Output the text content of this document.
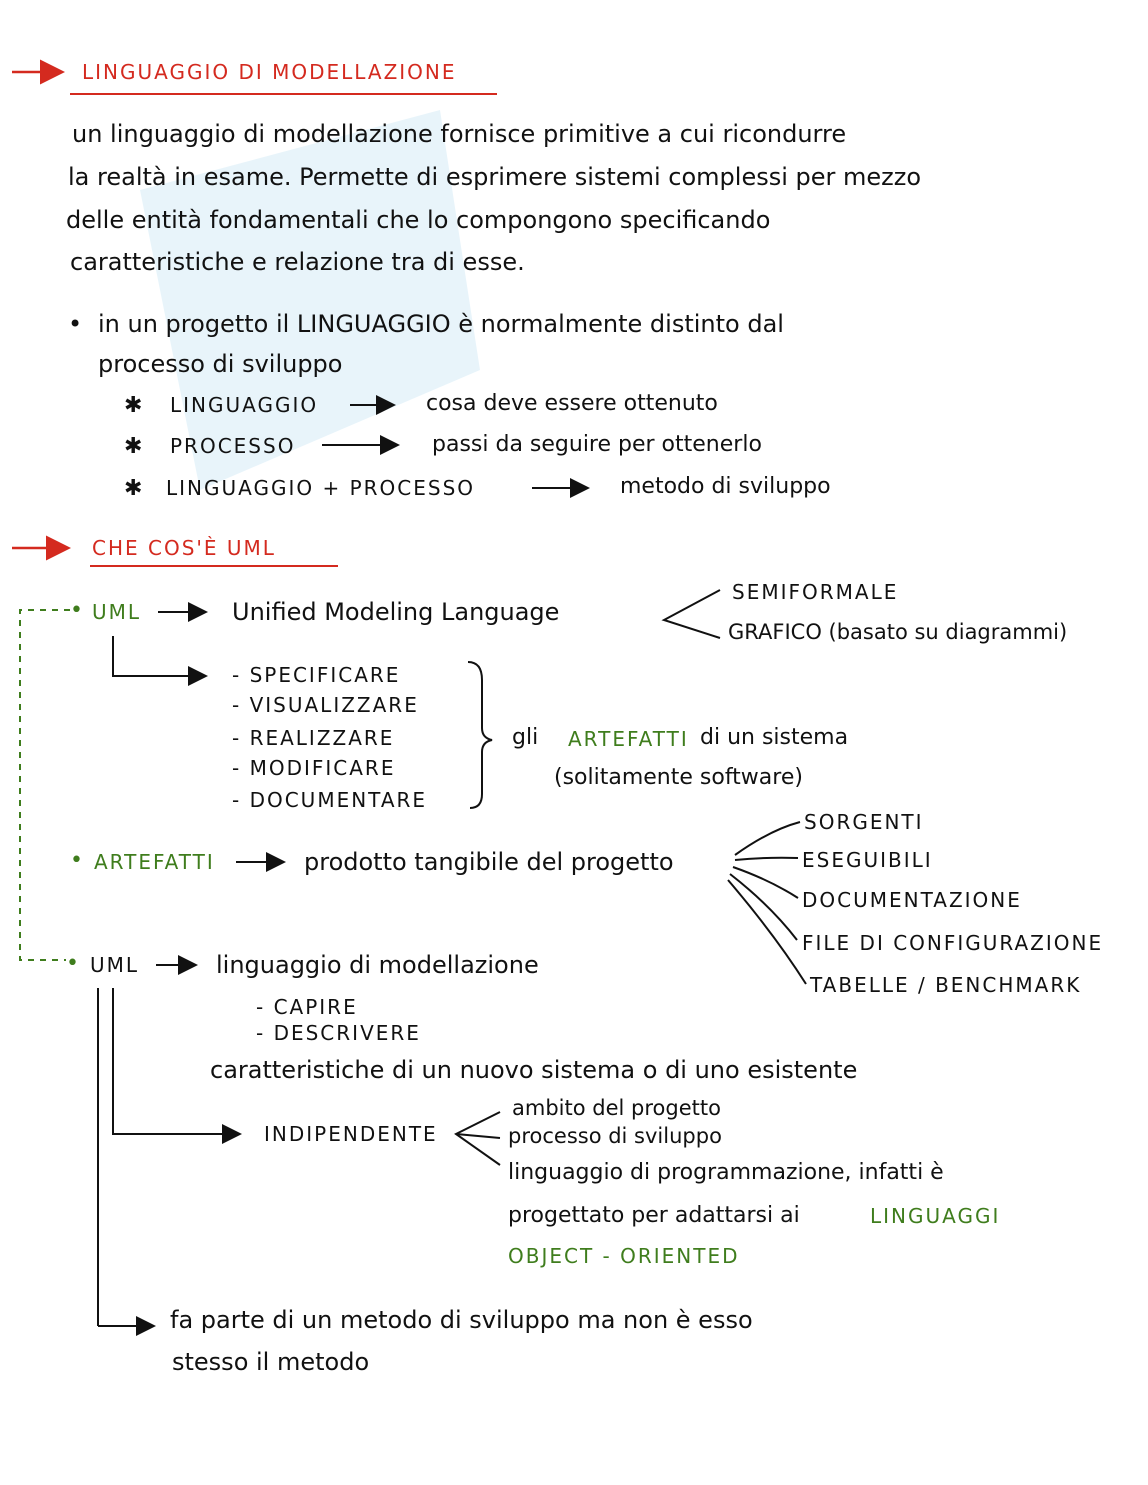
LINGUAGGIO DI MODELLAZIONE
un linguaggio di modellazione fornisce primitive a cui ricondurre
la realtà in esame. Permette di esprimere sistemi complessi per mezzo
delle entità fondamentali che lo compongono specificando
caratteristiche e relazione tra di esse.
• in un progetto il LINGUAGGIO è normalmente distinto dal
processo di sviluppo
✱ LINGUAGGIO	cosa deve essere ottenuto
✱ PROCESSO	passi da seguire per ottenerlo
✱ LINGUAGGIO + PROCESSO	metodo di sviluppo
CHE COS'È UML
• UML	Unified Modeling Language
SEMIFORMALE
GRAFICO (basato su diagrammi)
- SPECIFICARE
- VISUALIZZARE
- REALIZZARE
- MODIFICARE
- DOCUMENTARE
gli ARTEFATTI di un sistema
(solitamente software)
• ARTEFATTI	prodotto tangibile del progetto
SORGENTI
ESEGUIBILI
DOCUMENTAZIONE
FILE DI CONFIGURAZIONE
TABELLE / BENCHMARK
• UML	linguaggio di modellazione
- CAPIRE
- DESCRIVERE
caratteristiche di un nuovo sistema o di uno esistente
INDIPENDENTE
ambito del progetto
processo di sviluppo
linguaggio di programmazione, infatti è
progettato per adattarsi ai	LINGUAGGI
OBJECT - ORIENTED
fa parte di un metodo di sviluppo ma non è esso
stesso il metodo
